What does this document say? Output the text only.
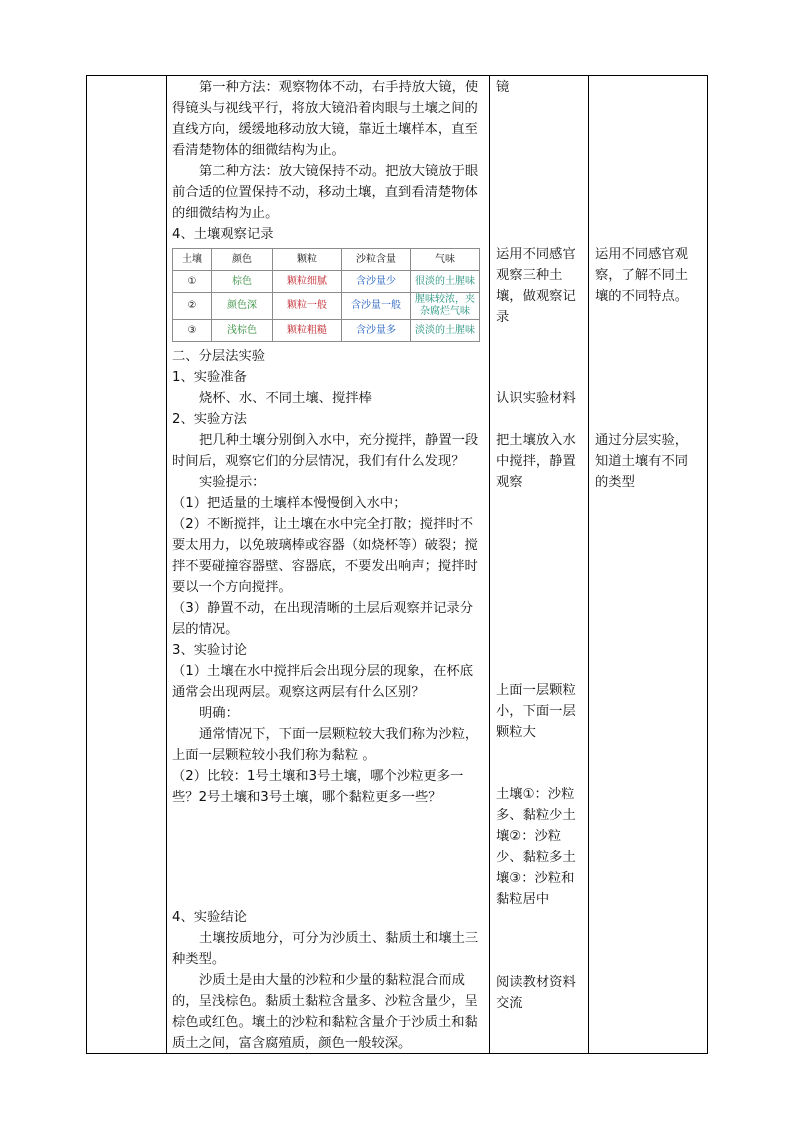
第一种方法：观察物体不动，右手持放大镜，使得镜头与视线平行，将放大镜沿着肉眼与土壤之间的直线方向，缓缓地移动放大镜，靠近土壤样本，直至看清楚物体的细微结构为止。

第二种方法：放大镜保持不动。把放大镜放于眼前合适的位置保持不动，移动土壤，直到看清楚物体的细微结构为止。

4、土壤观察记录

土壤	颜色	颗粒	沙粒含量	气味
①	棕色	颗粒细腻	含沙量少	很淡的土腥味
②	颜色深	颗粒一般	含沙量一般	腥味较浓，夹杂腐烂气味
③	浅棕色	颗粒粗糙	含沙量多	淡淡的土腥味

二、分层法实验

1、实验准备

烧杯、水、不同土壤、搅拌棒

2、实验方法

把几种土壤分别倒入水中，充分搅拌，静置一段时间后，观察它们的分层情况，我们有什么发现？

实验提示：

（1）把适量的土壤样本慢慢倒入水中；

（2）不断搅拌，让土壤在水中完全打散；搅拌时不要太用力，以免玻璃棒或容器（如烧杯等）破裂；搅拌不要碰撞容器壁、容器底，不要发出响声；搅拌时要以一个方向搅拌。

（3）静置不动，在出现清晰的土层后观察并记录分层的情况。

3、实验讨论

（1）土壤在水中搅拌后会出现分层的现象，在杯底通常会出现两层。观察这两层有什么区别？

明确：

通常情况下，下面一层颗粒较大我们称为沙粒，上面一层颗粒较小我们称为黏粒 。

（2）比较：1号土壤和3号土壤，哪个沙粒更多一些？2号土壤和3号土壤，哪个黏粒更多一些？

4、实验结论

土壤按质地分，可分为沙质土、黏质土和壤土三种类型。

沙质土是由大量的沙粒和少量的黏粒混合而成的，呈浅棕色。黏质土黏粒含量多、沙粒含量少，呈棕色或红色。壤土的沙粒和黏粒含量介于沙质土和黏质土之间，富含腐殖质，颜色一般较深。

镜

运用不同感官观察三种土壤，做观察记录

认识实验材料

把土壤放入水中搅拌，静置观察

上面一层颗粒小，下面一层颗粒大

土壤①：沙粒多、黏粒少土壤②：沙粒少、黏粒多土壤③：沙粒和黏粒居中

阅读教材资料交流

运用不同感官观察，了解不同土壤的不同特点。

通过分层实验，知道土壤有不同的类型
